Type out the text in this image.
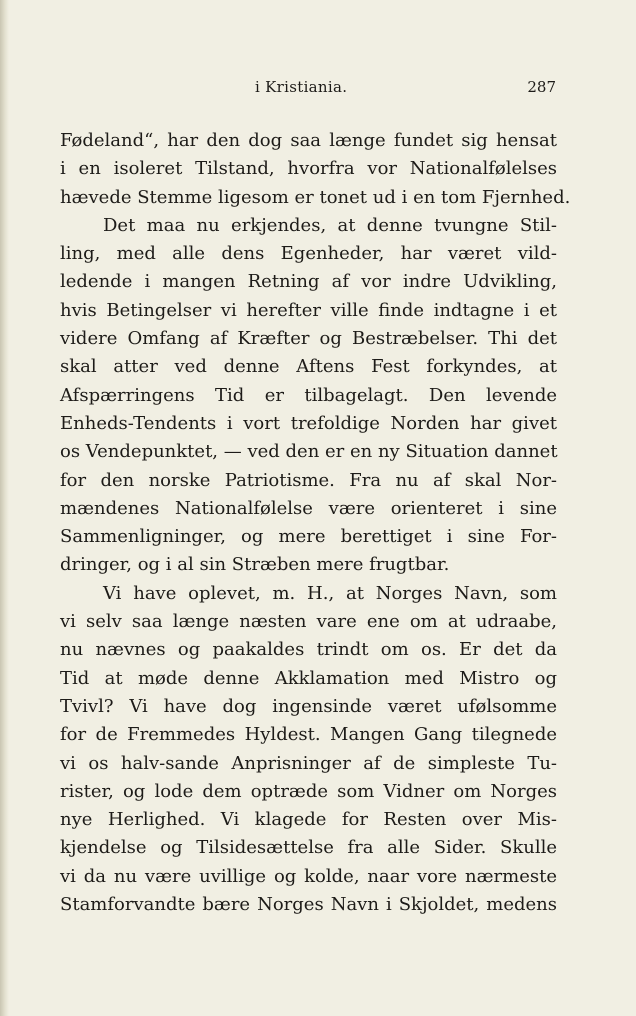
i Kristiania.	287
Fødeland“, har den dog saa længe fundet sig hensat
i en isoleret Tilstand, hvorfra vor Nationalfølelses
hævede Stemme ligesom er tonet ud i en tom Fjernhed.
Det maa nu erkjendes, at denne tvungne Stil-
ling, med alle dens Egenheder, har været vild-
ledende i mangen Retning af vor indre Udvikling,
hvis Betingelser vi herefter ville finde indtagne i et
videre Omfang af Kræfter og Bestræbelser. Thi det
skal atter ved denne Aftens Fest forkyndes, at
Afspærringens Tid er tilbagelagt. Den levende
Enheds-Tendents i vort trefoldige Norden har givet
os Vendepunktet, — ved den er en ny Situation dannet
for den norske Patriotisme. Fra nu af skal Nor-
mændenes Nationalfølelse være orienteret i sine
Sammenligninger, og mere berettiget i sine For-
dringer, og i al sin Stræben mere frugtbar.
Vi have oplevet, m. H., at Norges Navn, som
vi selv saa længe næsten vare ene om at udraabe,
nu nævnes og paakaldes trindt om os. Er det da
Tid at møde denne Akklamation med Mistro og
Tvivl? Vi have dog ingensinde været ufølsomme
for de Fremmedes Hyldest. Mangen Gang tilegnede
vi os halv-sande Anprisninger af de simpleste Tu-
rister, og lode dem optræde som Vidner om Norges
nye Herlighed. Vi klagede for Resten over Mis-
kjendelse og Tilsidesættelse fra alle Sider. Skulle
vi da nu være uvillige og kolde, naar vore nærmeste
Stamforvandte bære Norges Navn i Skjoldet, medens
